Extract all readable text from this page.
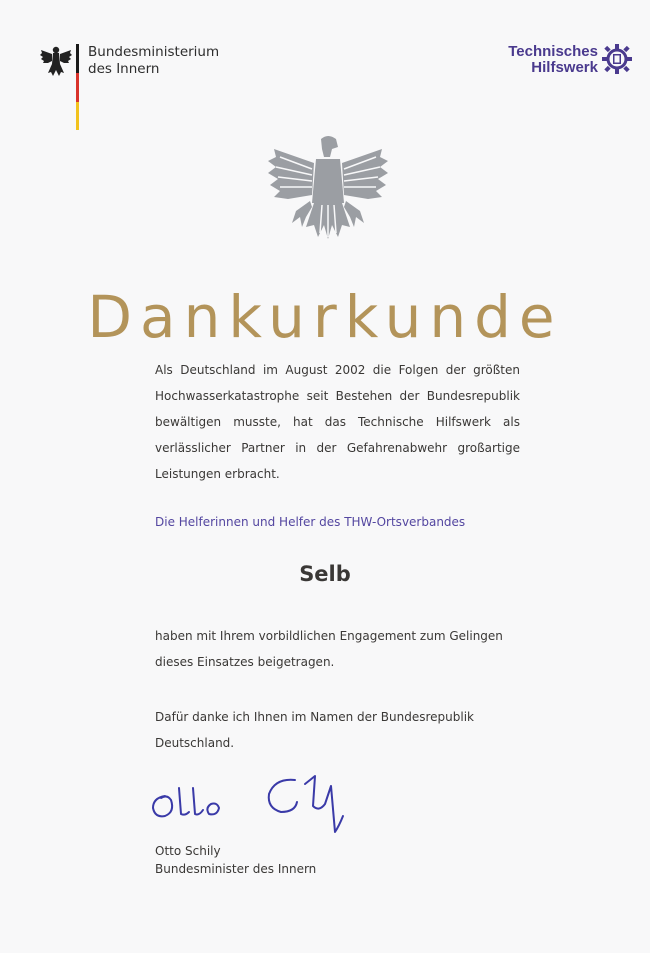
Bundesministerium
des Innern
Technisches
Hilfswerk
Dankurkunde
Als Deutschland im August 2002 die Folgen der größten Hochwasserkatastrophe seit Bestehen der Bundesrepublik bewältigen musste, hat das Technische Hilfswerk als verlässlicher Partner in der Gefahrenabwehr großartige Leistungen erbracht.
Die Helferinnen und Helfer des THW-Ortsverbandes
Selb
haben mit Ihrem vorbildlichen Engagement zum Gelingen dieses Einsatzes beigetragen.
Dafür danke ich Ihnen im Namen der Bundesrepublik Deutschland.
Otto Schily
Bundesminister des Innern
